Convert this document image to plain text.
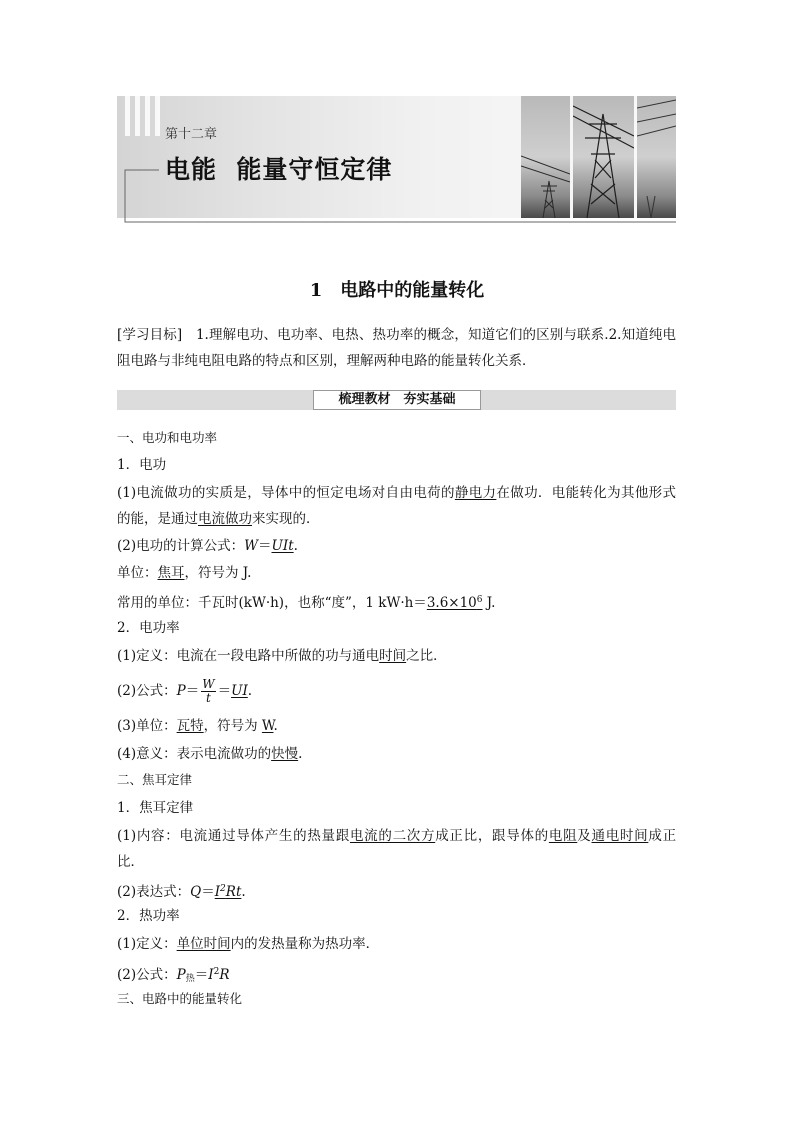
第十二章
电能  能量守恒定律
1　电路中的能量转化
[学习目标]　1.理解电功、电功率、电热、热功率的概念，知道它们的区别与联系.2.知道纯电阻电路与非纯电阻电路的特点和区别，理解两种电路的能量转化关系．
梳理教材　夯实基础
一、电功和电功率
1．电功
(1)电流做功的实质是，导体中的恒定电场对自由电荷的静电力在做功．电能转化为其他形式的能，是通过电流做功来实现的．
(2)电功的计算公式：W＝UIt.
单位：焦耳，符号为 J.
常用的单位：千瓦时(kW·h)，也称“度”，1 $kW\cdot h=3.6\times 10^6$ J.
2．电功率
(1)定义：电流在一段电路中所做的功与通电时间之比．
(2)公式：$P= \frac{W}{t} =UI$.
(3)单位：瓦特，符号为 W.
(4)意义：表示电流做功的快慢.
二、焦耳定律
1．焦耳定律
(1)内容：电流通过导体产生的热量跟电流的二次方成正比，跟导体的电阻及通电时间成正比．
(2)表达式：$Q=I^2Rt$.
2．热功率
(1)定义：单位时间内的发热量称为热功率．
(2)公式：$P_热=I^2R$
三、电路中的能量转化
